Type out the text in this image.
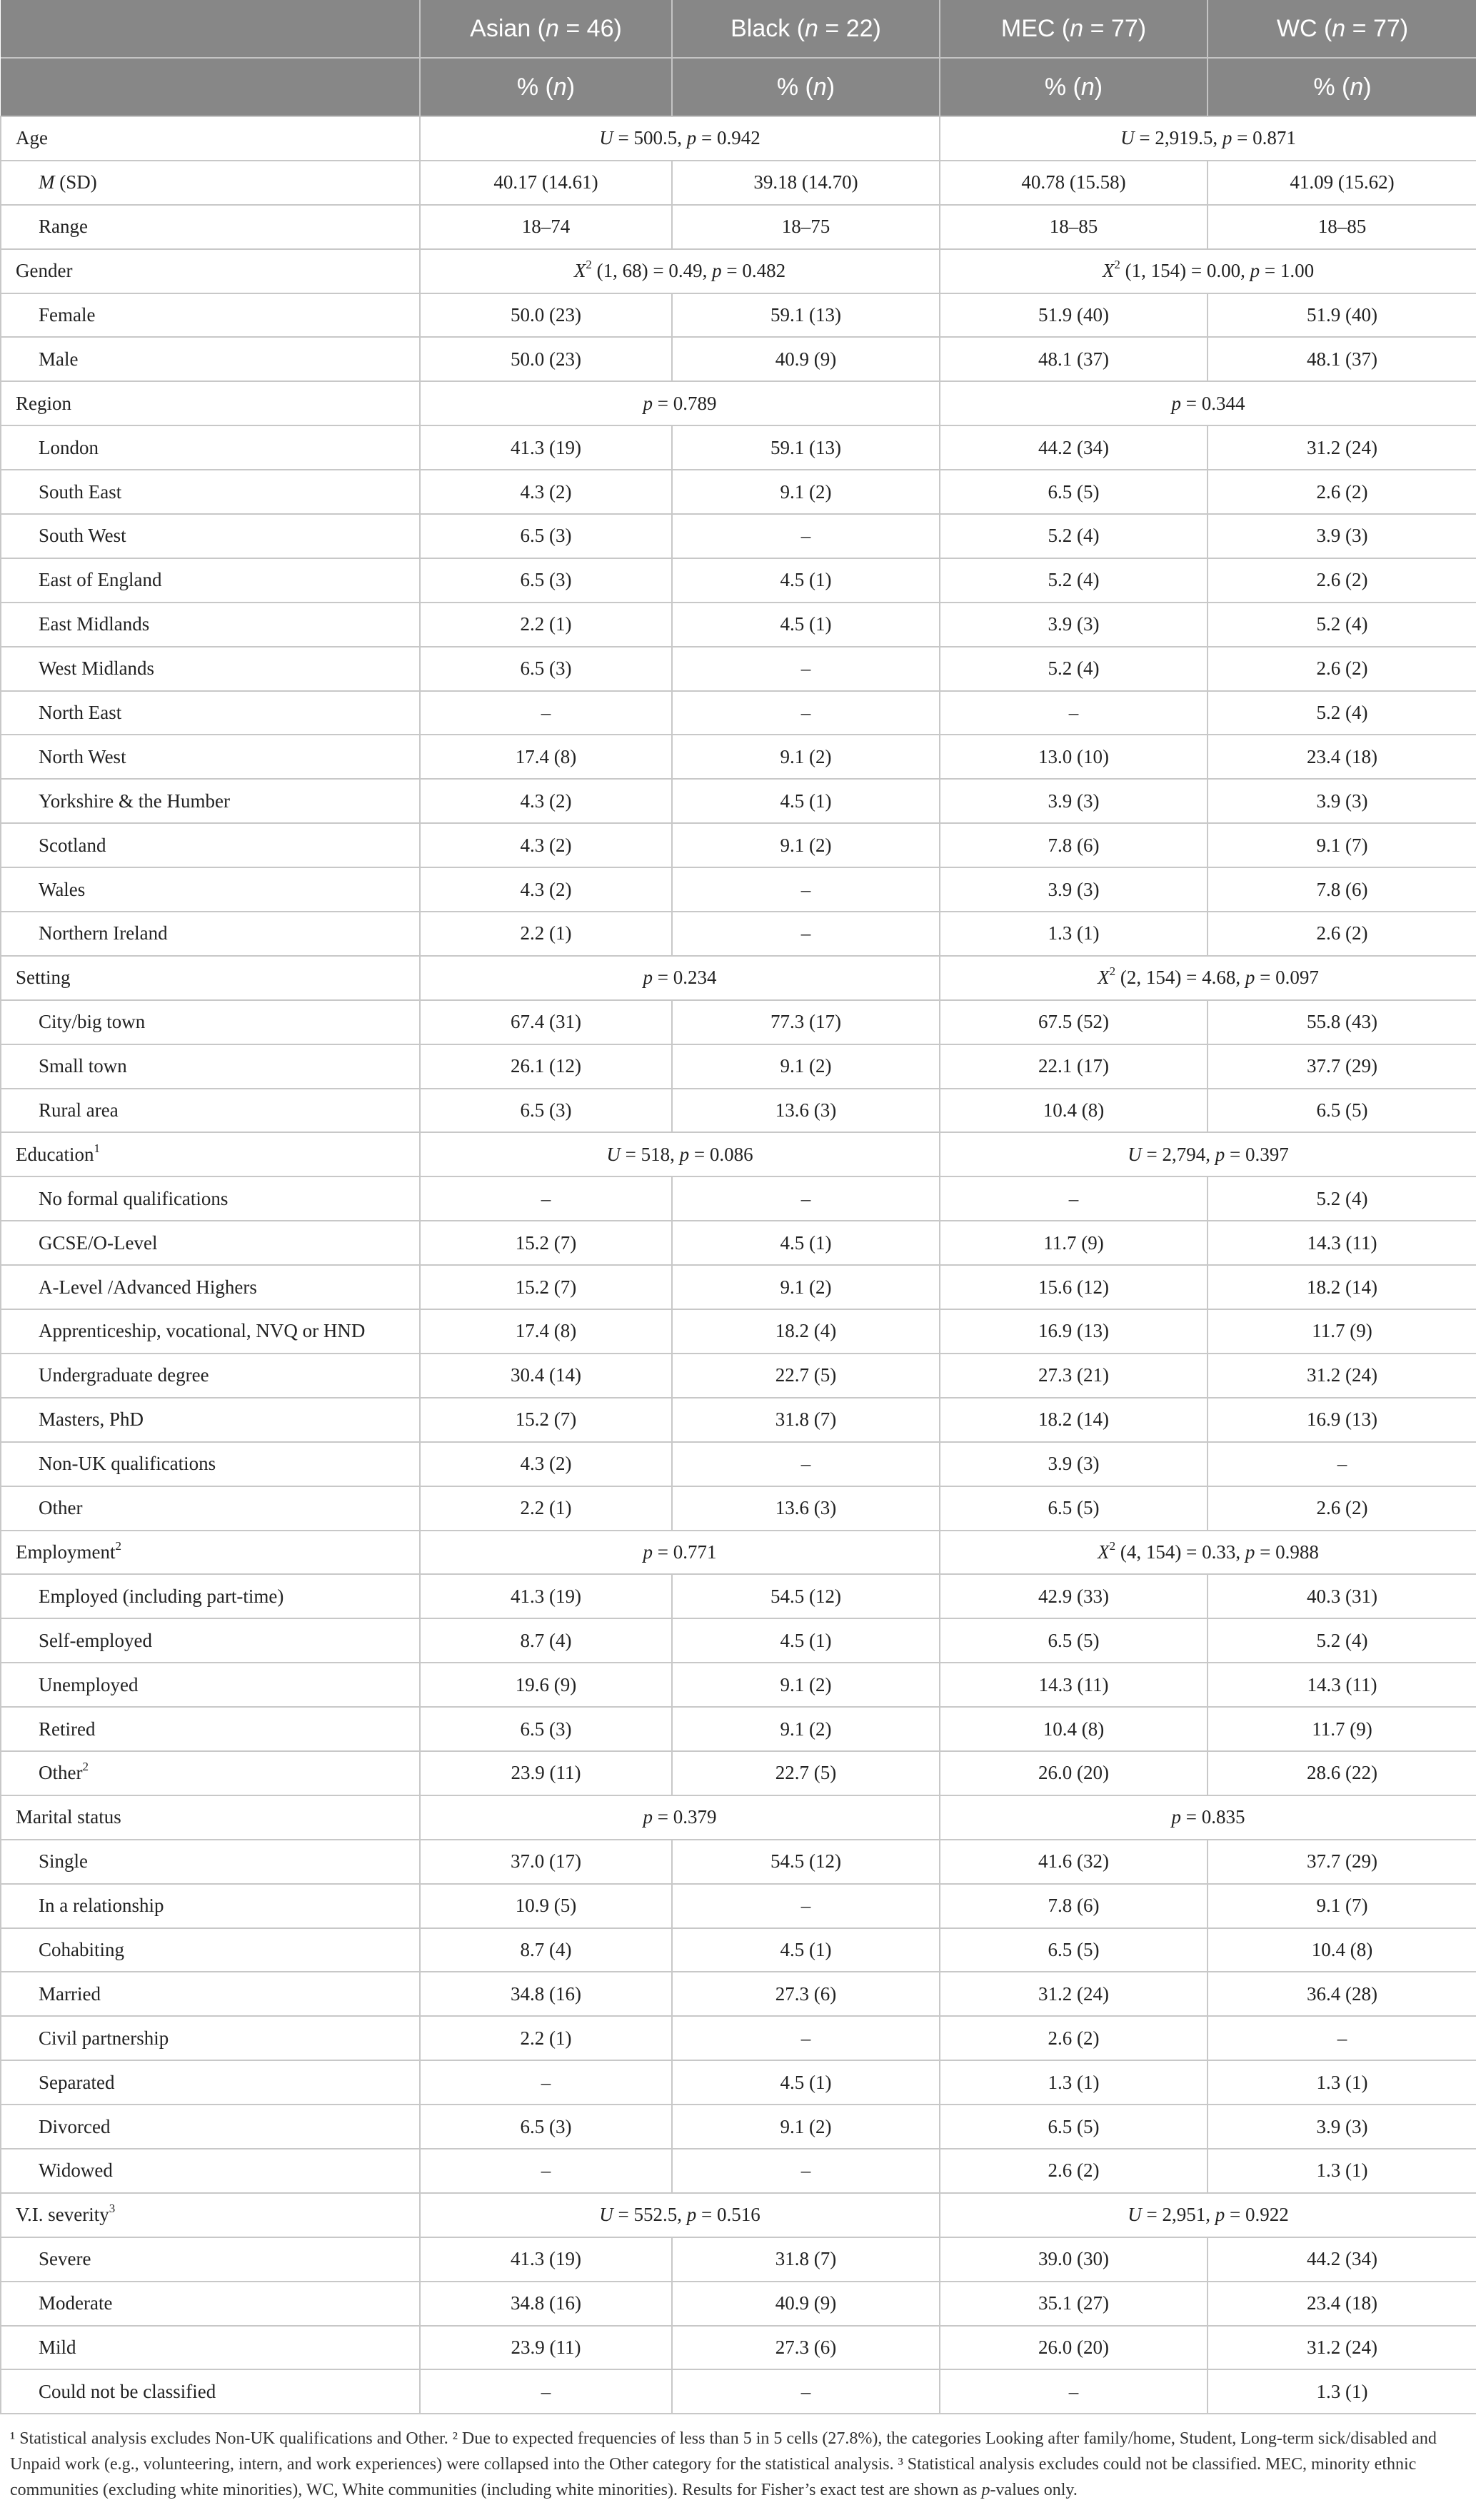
	Asian (n = 46)	Black (n = 22)	MEC (n = 77)	WC (n = 77)
	% (n)	% (n)	% (n)	% (n)
Age	U = 500.5, p = 0.942		U = 2,919.5, p = 0.871	
M (SD)	40.17 (14.61)	39.18 (14.70)	40.78 (15.58)	41.09 (15.62)
Range	18–74	18–75	18–85	18–85
Gender	$X^2$ (1, 68) = 0.49, p = 0.482		$X^2$ (1, 154) = 0.00, p = 1.00	
Female	50.0 (23)	59.1 (13)	51.9 (40)	51.9 (40)
Male	50.0 (23)	40.9 (9)	48.1 (37)	48.1 (37)
Region	p = 0.789		p = 0.344	
London	41.3 (19)	59.1 (13)	44.2 (34)	31.2 (24)
South East	4.3 (2)	9.1 (2)	6.5 (5)	2.6 (2)
South West	6.5 (3)	–	5.2 (4)	3.9 (3)
East of England	6.5 (3)	4.5 (1)	5.2 (4)	2.6 (2)
East Midlands	2.2 (1)	4.5 (1)	3.9 (3)	5.2 (4)
West Midlands	6.5 (3)	–	5.2 (4)	2.6 (2)
North East	–	–	–	5.2 (4)
North West	17.4 (8)	9.1 (2)	13.0 (10)	23.4 (18)
Yorkshire & the Humber	4.3 (2)	4.5 (1)	3.9 (3)	3.9 (3)
Scotland	4.3 (2)	9.1 (2)	7.8 (6)	9.1 (7)
Wales	4.3 (2)	–	3.9 (3)	7.8 (6)
Northern Ireland	2.2 (1)	–	1.3 (1)	2.6 (2)
Setting	p = 0.234		$X^2$ (2, 154) = 4.68, p = 0.097	
City/big town	67.4 (31)	77.3 (17)	67.5 (52)	55.8 (43)
Small town	26.1 (12)	9.1 (2)	22.1 (17)	37.7 (29)
Rural area	6.5 (3)	13.6 (3)	10.4 (8)	6.5 (5)
Education$^1$	U = 518, p = 0.086		U = 2,794, p = 0.397	
No formal qualifications	–	–	–	5.2 (4)
GCSE/O-Level	15.2 (7)	4.5 (1)	11.7 (9)	14.3 (11)
A-Level /Advanced Highers	15.2 (7)	9.1 (2)	15.6 (12)	18.2 (14)
Apprenticeship, vocational, NVQ or HND	17.4 (8)	18.2 (4)	16.9 (13)	11.7 (9)
Undergraduate degree	30.4 (14)	22.7 (5)	27.3 (21)	31.2 (24)
Masters, PhD	15.2 (7)	31.8 (7)	18.2 (14)	16.9 (13)
Non-UK qualifications	4.3 (2)	–	3.9 (3)	–
Other	2.2 (1)	13.6 (3)	6.5 (5)	2.6 (2)
Employment$^2$	p = 0.771		$X^2$ (4, 154) = 0.33, p = 0.988	
Employed (including part-time)	41.3 (19)	54.5 (12)	42.9 (33)	40.3 (31)
Self-employed	8.7 (4)	4.5 (1)	6.5 (5)	5.2 (4)
Unemployed	19.6 (9)	9.1 (2)	14.3 (11)	14.3 (11)
Retired	6.5 (3)	9.1 (2)	10.4 (8)	11.7 (9)
Other$^2$	23.9 (11)	22.7 (5)	26.0 (20)	28.6 (22)
Marital status	p = 0.379		p = 0.835	
Single	37.0 (17)	54.5 (12)	41.6 (32)	37.7 (29)
In a relationship	10.9 (5)	–	7.8 (6)	9.1 (7)
Cohabiting	8.7 (4)	4.5 (1)	6.5 (5)	10.4 (8)
Married	34.8 (16)	27.3 (6)	31.2 (24)	36.4 (28)
Civil partnership	2.2 (1)	–	2.6 (2)	–
Separated	–	4.5 (1)	1.3 (1)	1.3 (1)
Divorced	6.5 (3)	9.1 (2)	6.5 (5)	3.9 (3)
Widowed	–	–	2.6 (2)	1.3 (1)
V.I. severity$^3$	U = 552.5, p = 0.516		U = 2,951, p = 0.922	
Severe	41.3 (19)	31.8 (7)	39.0 (30)	44.2 (34)
Moderate	34.8 (16)	40.9 (9)	35.1 (27)	23.4 (18)
Mild	23.9 (11)	27.3 (6)	26.0 (20)	31.2 (24)
Could not be classified	–	–	–	1.3 (1)
¹ Statistical analysis excludes Non-UK qualifications and Other. ² Due to expected frequencies of less than 5 in 5 cells (27.8%), the categories Looking after family/home, Student, Long-term sick/disabled and Unpaid work (e.g., volunteering, intern, and work experiences) were collapsed into the Other category for the statistical analysis. ³ Statistical analysis excludes could not be classified. MEC, minority ethnic communities (excluding white minorities), WC, White communities (including white minorities). Results for Fisher’s exact test are shown as p-values only.
